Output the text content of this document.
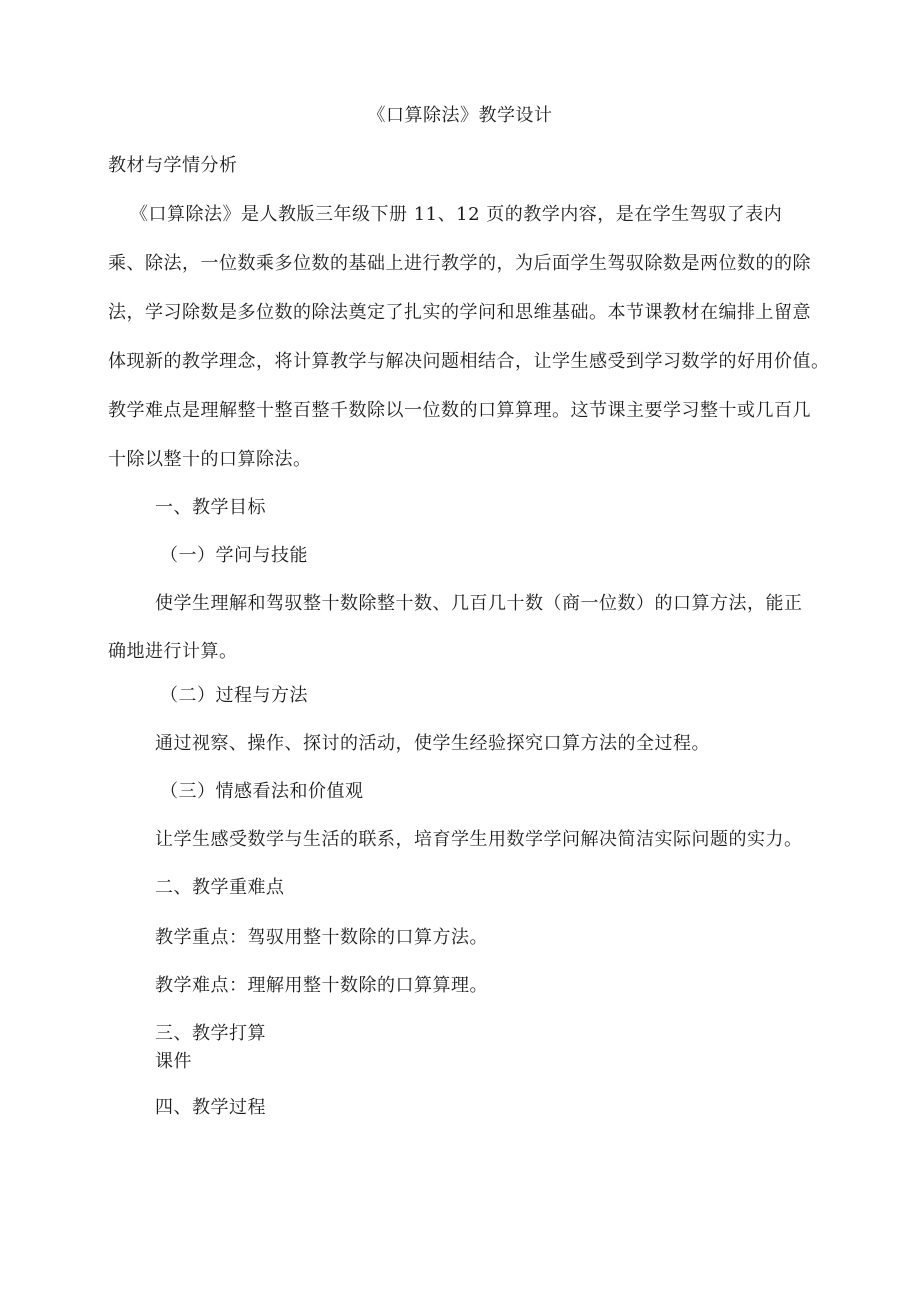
《口算除法》教学设计
教材与学情分析
《口算除法》是人教版三年级下册 11、12 页的教学内容，是在学生驾驭了表内
乘、除法，一位数乘多位数的基础上进行教学的，为后面学生驾驭除数是两位数的的除
法，学习除数是多位数的除法奠定了扎实的学问和思维基础。本节课教材在编排上留意
体现新的教学理念，将计算教学与解决问题相结合，让学生感受到学习数学的好用价值。
教学难点是理解整十整百整千数除以一位数的口算算理。这节课主要学习整十或几百几
十除以整十的口算除法。
一、教学目标
（一）学问与技能
使学生理解和驾驭整十数除整十数、几百几十数（商一位数）的口算方法，能正
确地进行计算。
（二）过程与方法
通过视察、操作、探讨的活动，使学生经验探究口算方法的全过程。
（三）情感看法和价值观
让学生感受数学与生活的联系，培育学生用数学学问解决简洁实际问题的实力。
二、教学重难点
教学重点：驾驭用整十数除的口算方法。
教学难点：理解用整十数除的口算算理。
三、教学打算
课件
四、教学过程
